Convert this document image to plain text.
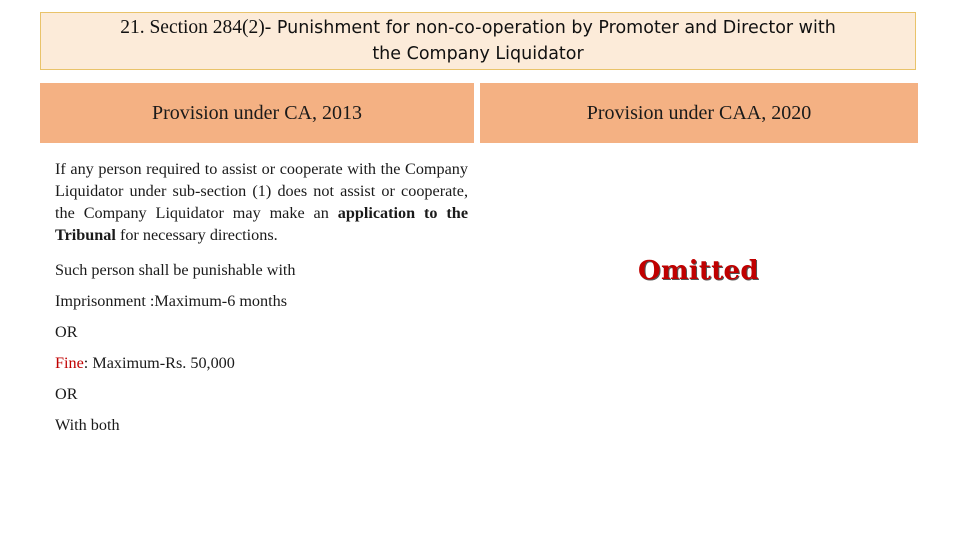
21. Section 284(2)- Punishment for non-co-operation by Promoter and Director with
the Company Liquidator
Provision under CA, 2013	Provision under CAA, 2020

If any person required to assist or cooperate with the Company Liquidator under sub-section (1) does not assist or cooperate, the Company Liquidator may make an application to the Tribunal for necessary directions.

Such person shall be punishable with

Imprisonment :Maximum-6 months

OR

Fine: Maximum-Rs. 50,000

OR

With both

Omitted
